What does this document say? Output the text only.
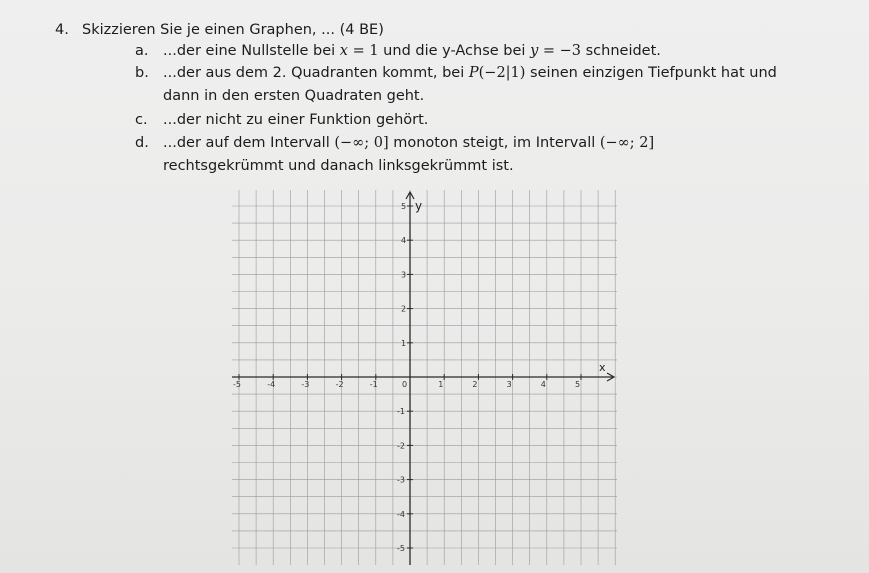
4. Skizzieren Sie je einen Graphen, ... (4 BE)
a. ...der eine Nullstelle bei x = 1 und die y-Achse bei y = −3 schneidet.
b. ...der aus dem 2. Quadranten kommt, bei P(−2|1) seinen einzigen Tiefpunkt hat und
dann in den ersten Quadraten geht.
c. ...der nicht zu einer Funktion gehört.
d. ...der auf dem Intervall (−∞; 0] monoton steigt, im Intervall (−∞; 2]
rechtsgekrümmt und danach linksgekrümmt ist.
x
y
-5	-4	-3	-2	-1	0	1	2	3	4	5
1
2
3
4
5
-1
-2
-3
-4
-5
